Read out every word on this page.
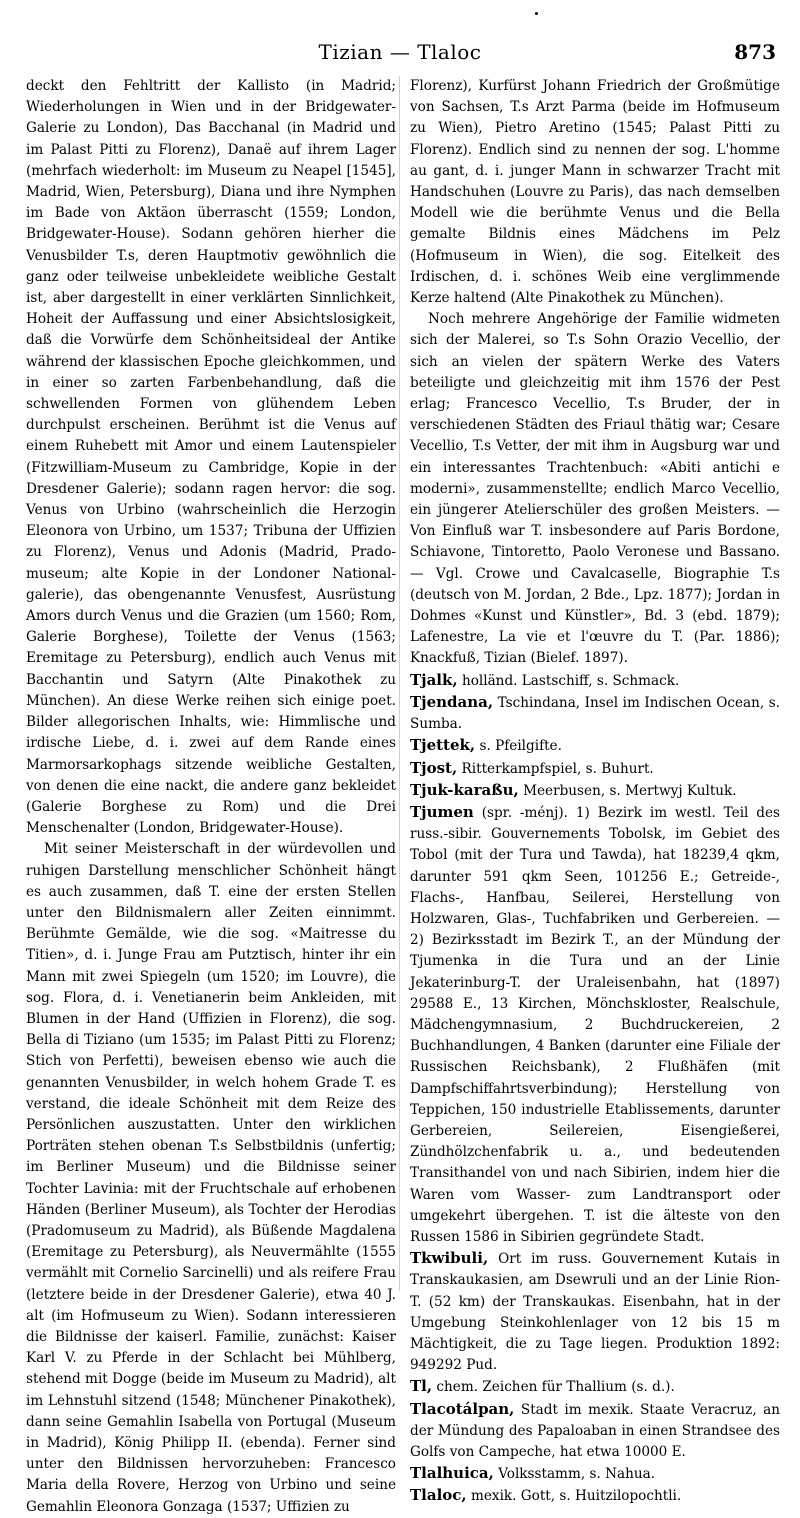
Tizian — Tlaloc	873

deckt den Fehltritt der Kallisto (in Madrid; Wiederholungen in Wien und in der Bridgewater-Galerie zu London), Das Bacchanal (in Madrid und im Palast Pitti zu Florenz), Danaë auf ihrem Lager (mehrfach wiederholt: im Museum zu Neapel [1545], Madrid, Wien, Petersburg), Diana und ihre Nymphen im Bade von Aktäon überrascht (1559; London, Bridgewater-House). Sodann gehören hierher die Venusbilder T.s, deren Hauptmotiv gewöhnlich die ganz oder teilweise unbekleidete weibliche Gestalt ist, aber dargestellt in einer verklärten Sinnlichkeit, Hoheit der Auffassung und einer Absichtslosigkeit, daß die Vorwürfe dem Schönheitsideal der Antike während der klassischen Epoche gleichkommen, und in einer so zarten Farbenbehandlung, daß die schwellenden Formen von glühendem Leben durchpulst erscheinen. Berühmt ist die Venus auf einem Ruhebett mit Amor und einem Lautenspieler (Fitzwilliam-Museum zu Cambridge, Kopie in der Dresdener Galerie); sodann ragen hervor: die sog. Venus von Urbino (wahrscheinlich die Herzogin Eleonora von Urbino, um 1537; Tribuna der Uffizien zu Florenz), Venus und Adonis (Madrid, Prado-museum; alte Kopie in der Londoner National-galerie), das obengenannte Venusfest, Ausrüstung Amors durch Venus und die Grazien (um 1560; Rom, Galerie Borghese), Toilette der Venus (1563; Eremitage zu Petersburg), endlich auch Venus mit Bacchantin und Satyrn (Alte Pinakothek zu München). An diese Werke reihen sich einige poet. Bilder allegorischen Inhalts, wie: Himmlische und irdische Liebe, d. i. zwei auf dem Rande eines Marmorsarkophags sitzende weibliche Gestalten, von denen die eine nackt, die andere ganz bekleidet (Galerie Borghese zu Rom) und die Drei Menschenalter (London, Bridgewater-House).

Mit seiner Meisterschaft in der würdevollen und ruhigen Darstellung menschlicher Schönheit hängt es auch zusammen, daß T. eine der ersten Stellen unter den Bildnismalern aller Zeiten einnimmt. Berühmte Gemälde, wie die sog. «Maitresse du Titien», d. i. Junge Frau am Putztisch, hinter ihr ein Mann mit zwei Spiegeln (um 1520; im Louvre), die sog. Flora, d. i. Venetianerin beim Ankleiden, mit Blumen in der Hand (Uffizien in Florenz), die sog. Bella di Tiziano (um 1535; im Palast Pitti zu Florenz; Stich von Perfetti), beweisen ebenso wie auch die genannten Venusbilder, in welch hohem Grade T. es verstand, die ideale Schönheit mit dem Reize des Persönlichen auszustatten. Unter den wirklichen Porträten stehen obenan T.s Selbstbildnis (unfertig; im Berliner Museum) und die Bildnisse seiner Tochter Lavinia: mit der Fruchtschale auf erhobenen Händen (Berliner Museum), als Tochter der Herodias (Pradomuseum zu Madrid), als Büßende Magdalena (Eremitage zu Petersburg), als Neuvermählte (1555 vermählt mit Cornelio Sarcinelli) und als reifere Frau (letztere beide in der Dresdener Galerie), etwa 40 J. alt (im Hofmuseum zu Wien). Sodann interessieren die Bildnisse der kaiserl. Familie, zunächst: Kaiser Karl V. zu Pferde in der Schlacht bei Mühlberg, stehend mit Dogge (beide im Museum zu Madrid), alt im Lehnstuhl sitzend (1548; Münchener Pinakothek), dann seine Gemahlin Isabella von Portugal (Museum in Madrid), König Philipp II. (ebenda). Ferner sind unter den Bildnissen hervorzuheben: Francesco Maria della Rovere, Herzog von Urbino und seine Gemahlin Eleonora Gonzaga (1537; Uffizien zu

Florenz), Kurfürst Johann Friedrich der Großmütige von Sachsen, T.s Arzt Parma (beide im Hofmuseum zu Wien), Pietro Aretino (1545; Palast Pitti zu Florenz). Endlich sind zu nennen der sog. L'homme au gant, d. i. junger Mann in schwarzer Tracht mit Handschuhen (Louvre zu Paris), das nach demselben Modell wie die berühmte Venus und die Bella gemalte Bildnis eines Mädchens im Pelz (Hofmuseum in Wien), die sog. Eitelkeit des Irdischen, d. i. schönes Weib eine verglimmende Kerze haltend (Alte Pinakothek zu München).

Noch mehrere Angehörige der Familie widmeten sich der Malerei, so T.s Sohn Orazio Vecellio, der sich an vielen der spätern Werke des Vaters beteiligte und gleichzeitig mit ihm 1576 der Pest erlag; Francesco Vecellio, T.s Bruder, der in verschiedenen Städten des Friaul thätig war; Cesare Vecellio, T.s Vetter, der mit ihm in Augsburg war und ein interessantes Trachtenbuch: «Abiti antichi e moderni», zusammenstellte; endlich Marco Vecellio, ein jüngerer Atelierschüler des großen Meisters. — Von Einfluß war T. insbesondere auf Paris Bordone, Schiavone, Tintoretto, Paolo Veronese und Bassano. — Vgl. Crowe und Cavalcaselle, Biographie T.s (deutsch von M. Jordan, 2 Bde., Lpz. 1877); Jordan in Dohmes «Kunst und Künstler», Bd. 3 (ebd. 1879); Lafenestre, La vie et l'œuvre du T. (Par. 1886); Knackfuß, Tizian (Bielef. 1897).

Tjalk, holländ. Lastschiff, s. Schmack.

Tjendana, Tschindana, Insel im Indischen Ocean, s. Sumba.

Tjettek, s. Pfeilgifte.

Tjost, Ritterkampfspiel, s. Buhurt.

Tjuk-karaßu, Meerbusen, s. Mertwyj Kultuk.

Tjumen (spr. -ménj). 1) Bezirk im westl. Teil des russ.-sibir. Gouvernements Tobolsk, im Gebiet des Tobol (mit der Tura und Tawda), hat 18239,4 qkm, darunter 591 qkm Seen, 101256 E.; Getreide-, Flachs-, Hanfbau, Seilerei, Herstellung von Holzwaren, Glas-, Tuchfabriken und Gerbereien. — 2) Bezirksstadt im Bezirk T., an der Mündung der Tjumenka in die Tura und an der Linie Jekaterinburg-T. der Uraleisenbahn, hat (1897) 29588 E., 13 Kirchen, Mönchskloster, Realschule, Mädchengymnasium, 2 Buchdruckereien, 2 Buchhandlungen, 4 Banken (darunter eine Filiale der Russischen Reichsbank), 2 Flußhäfen (mit Dampfschiffahrtsverbindung); Herstellung von Teppichen, 150 industrielle Etablissements, darunter Gerbereien, Seilereien, Eisengießerei, Zündhölzchenfabrik u. a., und bedeutenden Transithandel von und nach Sibirien, indem hier die Waren vom Wasser- zum Landtransport oder umgekehrt übergehen. T. ist die älteste von den Russen 1586 in Sibirien gegründete Stadt.

Tkwibuli, Ort im russ. Gouvernement Kutais in Transkaukasien, am Dsewruli und an der Linie Rion-T. (52 km) der Transkaukas. Eisenbahn, hat in der Umgebung Steinkohlenlager von 12 bis 15 m Mächtigkeit, die zu Tage liegen. Produktion 1892: 949292 Pud.

Tl, chem. Zeichen für Thallium (s. d.).

Tlacotálpan, Stadt im mexik. Staate Veracruz, an der Mündung des Papaloaban in einen Strandsee des Golfs von Campeche, hat etwa 10000 E.

Tlalhuica, Volksstamm, s. Nahua.

Tlaloc, mexik. Gott, s. Huitzilopochtli.
